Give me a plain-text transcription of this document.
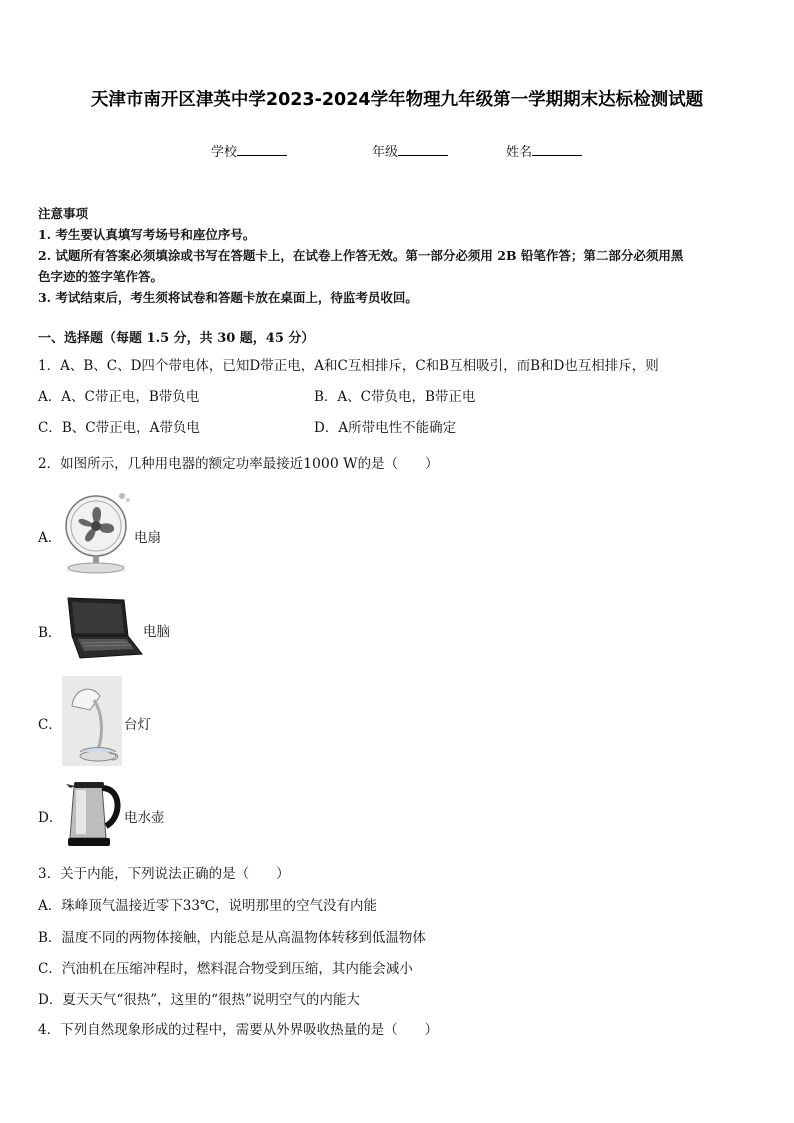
天津市南开区津英中学2023-2024学年物理九年级第一学期期末达标检测试题
学校	年级	姓名
注意事项
1. 考生要认真填写考场号和座位序号。
2. 试题所有答案必须填涂或书写在答题卡上，在试卷上作答无效。第一部分必须用 2B 铅笔作答；第二部分必须用黑
色字迹的签字笔作答。
3. 考试结束后，考生须将试卷和答题卡放在桌面上，待监考员收回。
一、选择题（每题 1.5 分，共 30 题，45 分）
1．A、B、C、D四个带电体，已知D带正电，A和C互相排斥，C和B互相吸引，而B和D也互相排斥，则
A．A、C带正电，B带负电	B．A、C带负电，B带正电
C．B、C带正电，A带负电	D．A所带电性不能确定
2．如图所示，几种用电器的额定功率最接近1000 W的是（　　）
A．	电扇
B．	电脑
C．	台灯
D．	电水壶
3．关于内能，下列说法正确的是（　　）
A．珠峰顶气温接近零下33℃，说明那里的空气没有内能
B．温度不同的两物体接触，内能总是从高温物体转移到低温物体
C．汽油机在压缩冲程时，燃料混合物受到压缩，其内能会减小
D．夏天天气“很热”，这里的“很热”说明空气的内能大
4．下列自然现象形成的过程中，需要从外界吸收热量的是（　　）
